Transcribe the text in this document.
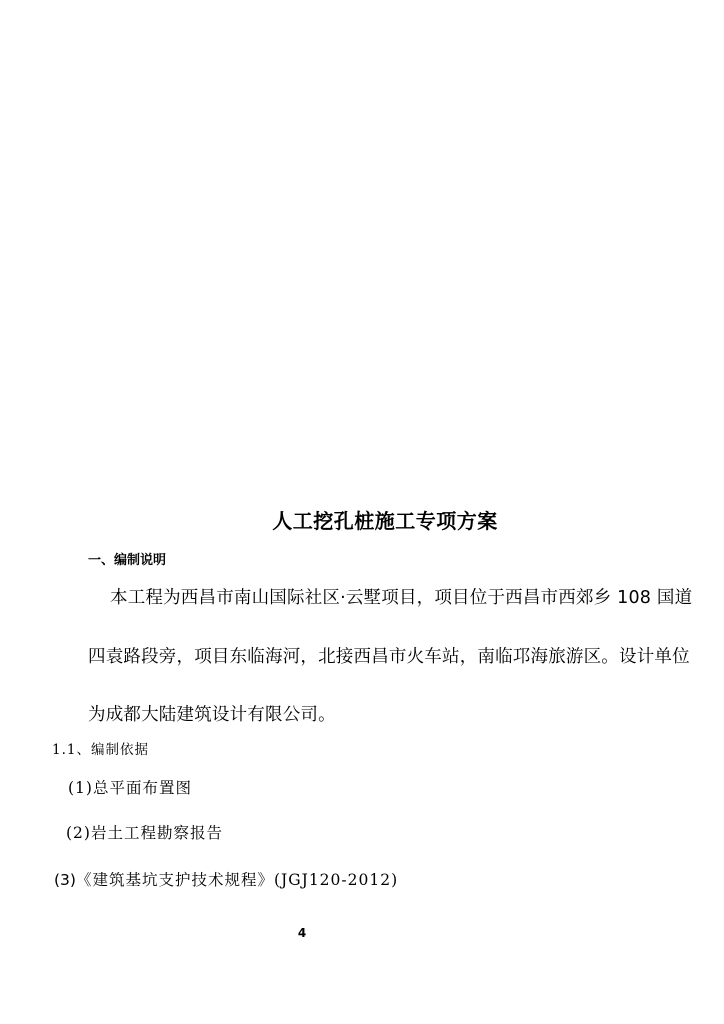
人工挖孔桩施工专项方案
一、编制说明
本工程为西昌市南山国际社区·云墅项目，项目位于西昌市西郊乡 108 国道
四袁路段旁，项目东临海河，北接西昌市火车站，南临邛海旅游区。设计单位
为成都大陆建筑设计有限公司。
1.1、编制依据
(1)总平面布置图
(2)岩土工程勘察报告
(3)《建筑基坑支护技术规程》(JGJ120-2012)
4
